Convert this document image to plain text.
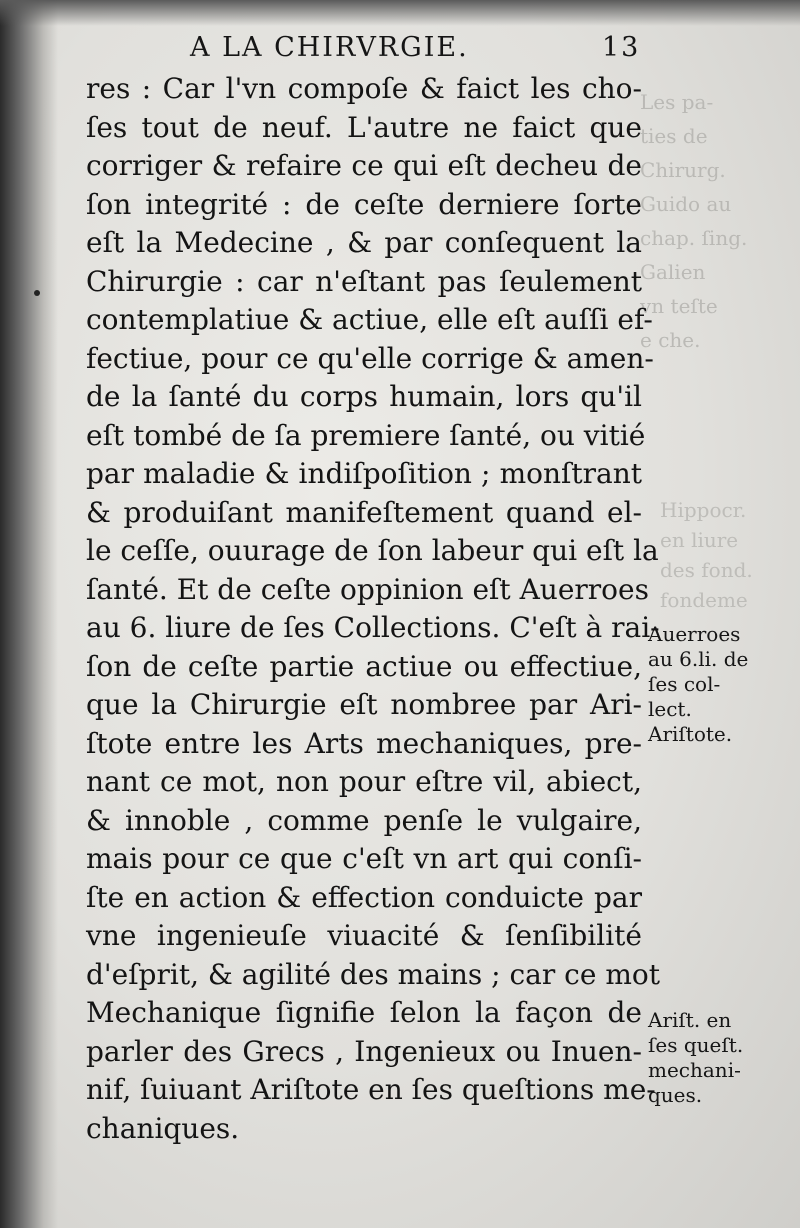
Les pa-
ties de
Chirurg.
Guido au
chap. ſing.
Galien
vn teſte
e che.
Hippocr.
en liure
des fond.
fondeme
A LA CHIRVRGIE.	13
res : Car l'vn compoſe & faict les cho-
ſes tout de neuf. L'autre ne faict que
corriger & refaire ce qui eſt decheu de
ſon integrité : de ceſte derniere ſorte
eſt la Medecine , & par conſequent la
Chirurgie : car n'eſtant pas ſeulement
contemplatiue & actiue, elle eſt auſſi ef-
fectiue, pour ce qu'elle corrige & amen-
de la ſanté du corps humain, lors qu'il
eſt tombé de ſa premiere ſanté, ou vitié
par maladie & indiſpoſition ; monſtrant
& produiſant manifeſtement quand el-
le ceſſe, ouurage de ſon labeur qui eſt la
ſanté. Et de ceſte oppinion eſt Auerroes
au 6. liure de ſes Collections. C'eſt à rai-
ſon de ceſte partie actiue ou effectiue,
que la Chirurgie eſt nombree par Ari-
ſtote entre les Arts mechaniques, pre-
nant ce mot, non pour eſtre vil, abiect,
& innoble , comme penſe le vulgaire,
mais pour ce que c'eſt vn art qui conſi-
ſte en action & effection conduicte par
vne ingenieuſe viuacité & ſenſibilité
d'eſprit, & agilité des mains ; car ce mot
Mechanique ſignifie ſelon la façon de
parler des Grecs , Ingenieux ou Inuen-
nif, ſuiuant Ariſtote en ſes queſtions me-
chaniques.
Auerroes
au 6.li. de
ſes col-
lect.
Ariſtote.
Ariſt. en
ſes queſt.
mechani-
ques.
